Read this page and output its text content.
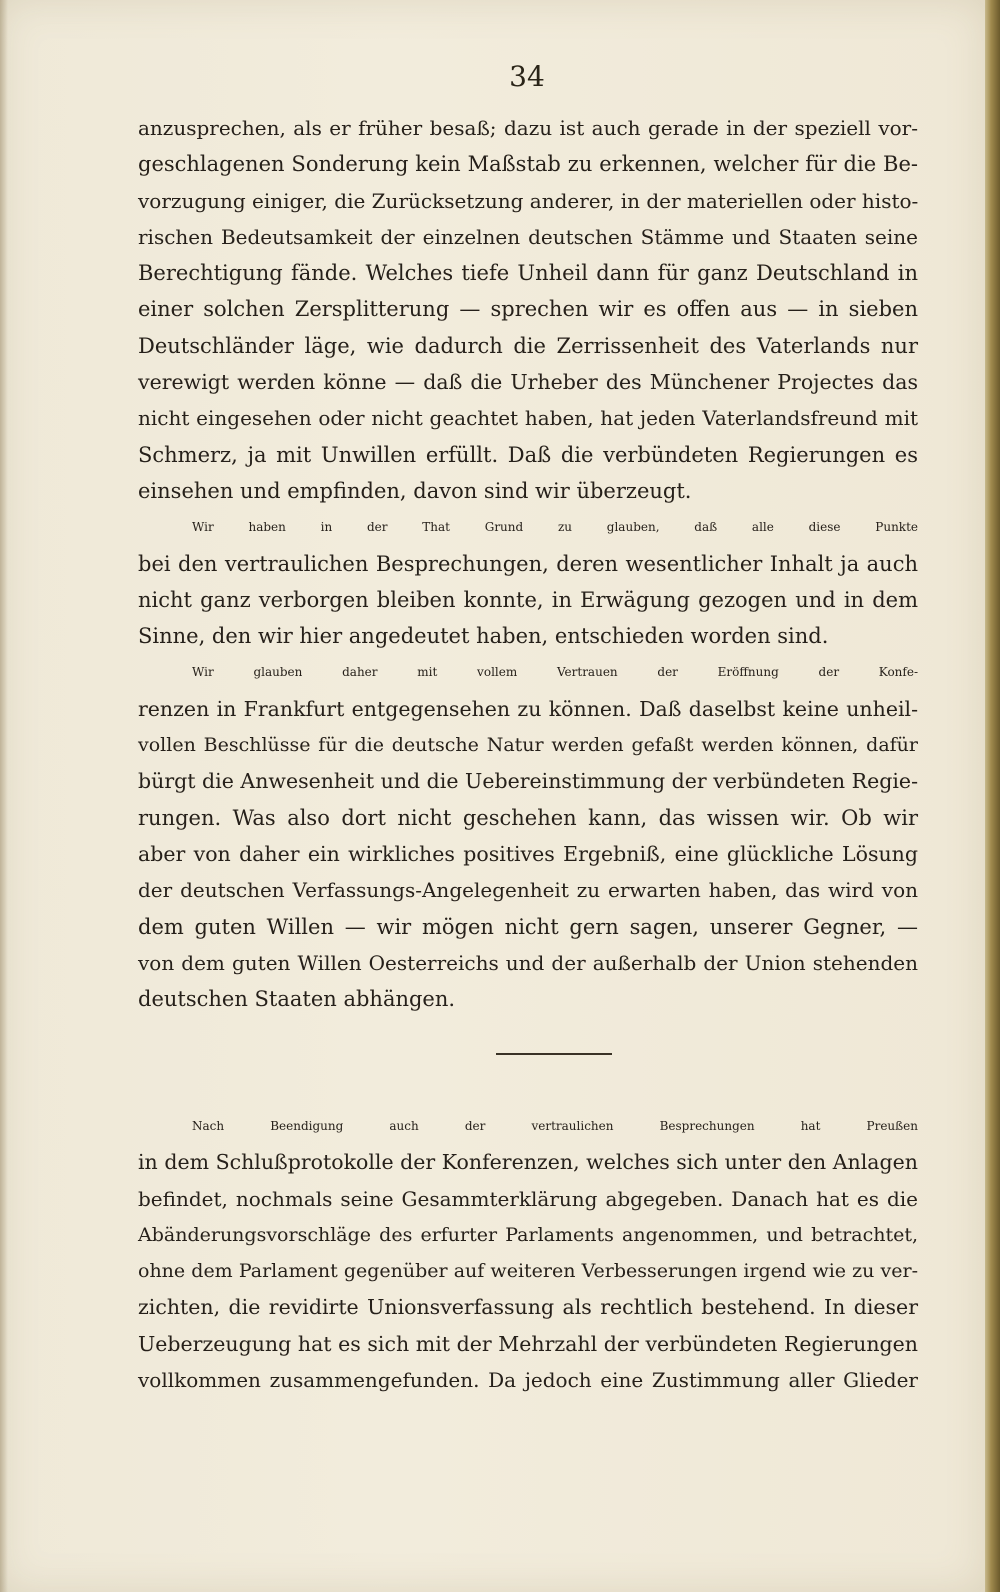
34
anzusprechen, als er früher besaß; dazu ist auch gerade in der speziell vor-
geschlagenen Sonderung kein Maßstab zu erkennen, welcher für die Be-
vorzugung einiger, die Zurücksetzung anderer, in der materiellen oder histo-
rischen Bedeutsamkeit der einzelnen deutschen Stämme und Staaten seine
Berechtigung fände. Welches tiefe Unheil dann für ganz Deutschland in
einer solchen Zersplitterung — sprechen wir es offen aus — in sieben
Deutschländer läge, wie dadurch die Zerrissenheit des Vaterlands nur
verewigt werden könne — daß die Urheber des Münchener Projectes das
nicht eingesehen oder nicht geachtet haben, hat jeden Vaterlandsfreund mit
Schmerz, ja mit Unwillen erfüllt. Daß die verbündeten Regierungen es
einsehen und empfinden, davon sind wir überzeugt.
Wir haben in der That Grund zu glauben, daß alle diese Punkte
bei den vertraulichen Besprechungen, deren wesentlicher Inhalt ja auch
nicht ganz verborgen bleiben konnte, in Erwägung gezogen und in dem
Sinne, den wir hier angedeutet haben, entschieden worden sind.
Wir glauben daher mit vollem Vertrauen der Eröffnung der Konfe-
renzen in Frankfurt entgegensehen zu können. Daß daselbst keine unheil-
vollen Beschlüsse für die deutsche Natur werden gefaßt werden können, dafür
bürgt die Anwesenheit und die Uebereinstimmung der verbündeten Regie-
rungen. Was also dort nicht geschehen kann, das wissen wir. Ob wir
aber von daher ein wirkliches positives Ergebniß, eine glückliche Lösung
der deutschen Verfassungs-Angelegenheit zu erwarten haben, das wird von
dem guten Willen — wir mögen nicht gern sagen, unserer Gegner, —
von dem guten Willen Oesterreichs und der außerhalb der Union stehenden
deutschen Staaten abhängen.
Nach Beendigung auch der vertraulichen Besprechungen hat Preußen
in dem Schlußprotokolle der Konferenzen, welches sich unter den Anlagen
befindet, nochmals seine Gesammterklärung abgegeben. Danach hat es die
Abänderungsvorschläge des erfurter Parlaments angenommen, und betrachtet,
ohne dem Parlament gegenüber auf weiteren Verbesserungen irgend wie zu ver-
zichten, die revidirte Unionsverfassung als rechtlich bestehend. In dieser
Ueberzeugung hat es sich mit der Mehrzahl der verbündeten Regierungen
vollkommen zusammengefunden. Da jedoch eine Zustimmung aller Glieder
